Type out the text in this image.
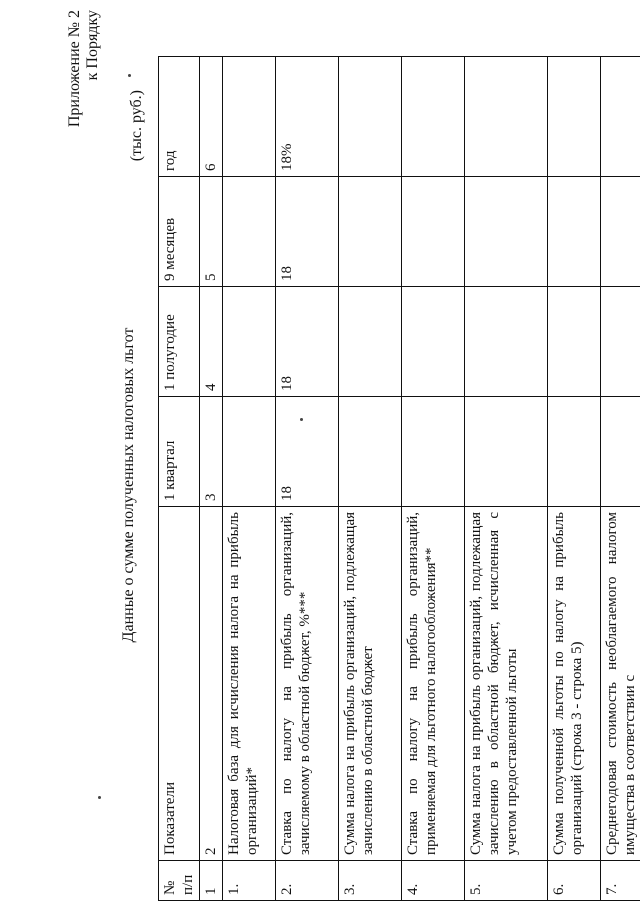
Приложение № 2 к Порядку
Данные о сумме полученных налоговых льгот
(тыс. руб.)
№ п/п	Показатели	1 квартал	1 полугодие	9 месяцев	год
1	2	3	4	5	6
1.	Налоговая база для исчисления налога на прибыль организаций*				
2.	Ставка по налогу на прибыль организаций, зачисляемому в областной бюджет, %***	18	18	18	18%
3.	Сумма налога на прибыль организаций, подлежащая зачислению в областной бюджет				
4.	Ставка по налогу на прибыль организаций, применяемая для льготного налогообложения**				
5.	Сумма налога на прибыль организаций, подлежащая зачислению в областной бюджет, исчисленная с учетом предоставленной льготы				
6.	Сумма полученной льготы по налогу на прибыль организаций (строка 3 - строка 5)				
7.	Среднегодовая стоимость необлагаемого налогом имущества в соответствии с				
